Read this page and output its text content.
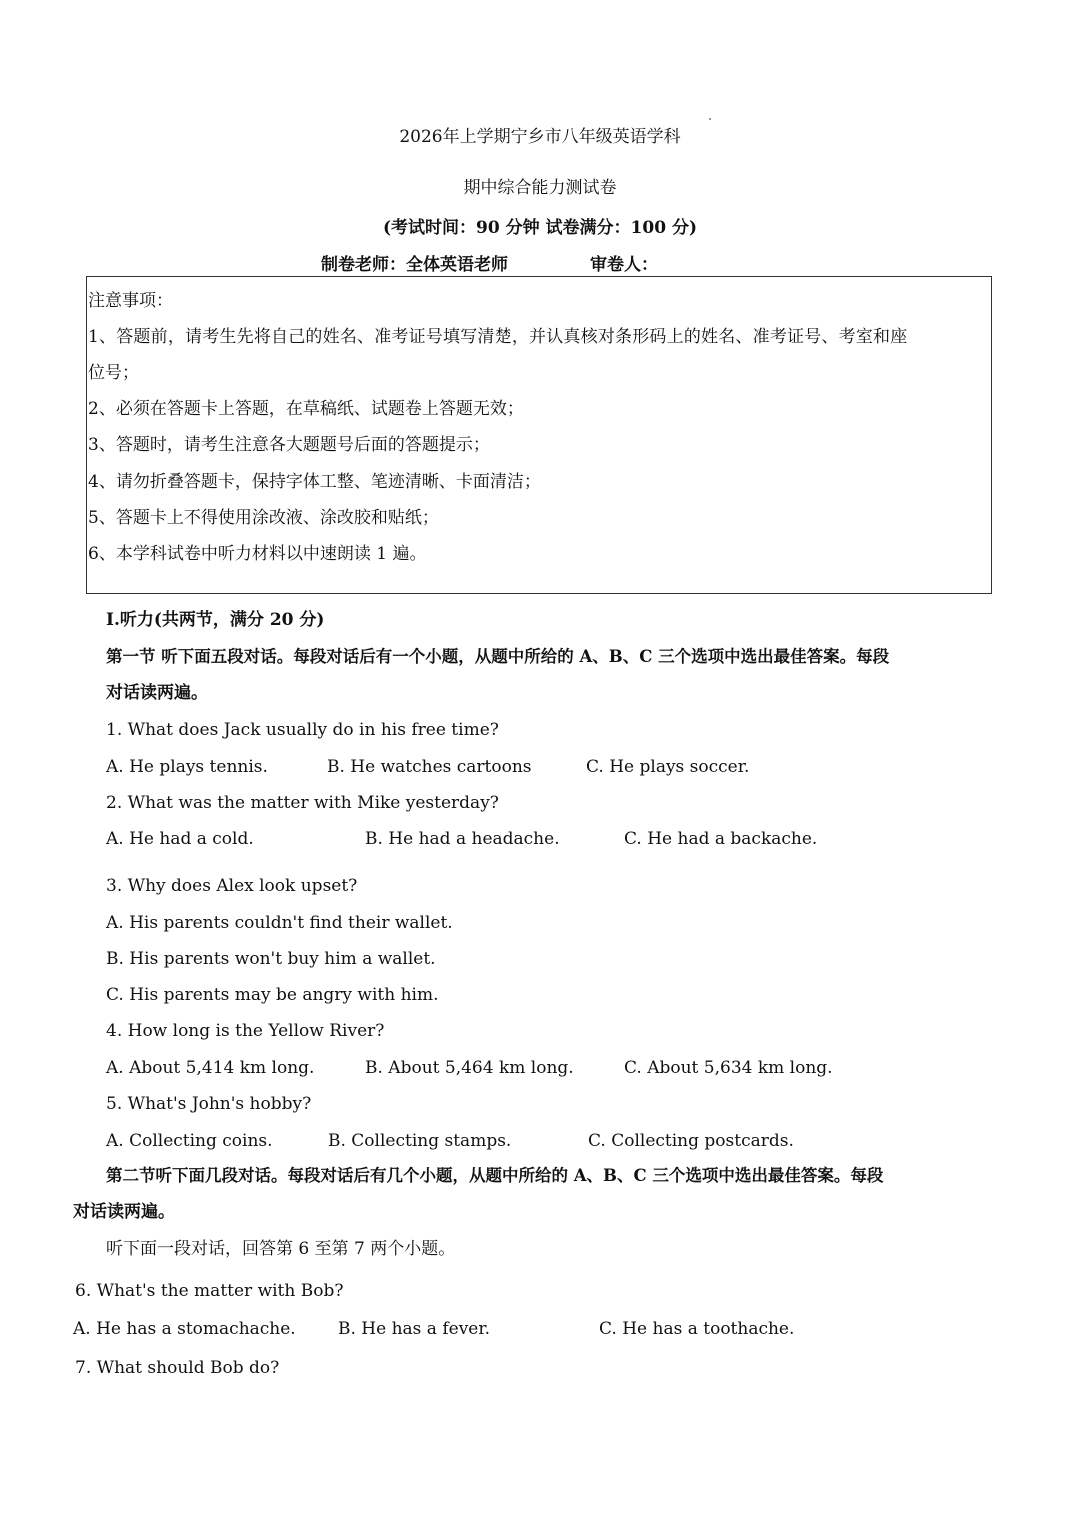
2026年上学期宁乡市八年级英语学科
期中综合能力测试卷
(考试时间：90 分钟 试卷满分：100 分)
制卷老师：全体英语老师	审卷人：
注意事项：
1、答题前，请考生先将自己的姓名、准考证号填写清楚，并认真核对条形码上的姓名、准考证号、考室和座
位号；
2、必须在答题卡上答题，在草稿纸、试题卷上答题无效；
3、答题时，请考生注意各大题题号后面的答题提示；
4、请勿折叠答题卡，保持字体工整、笔迹清晰、卡面清洁；
5、答题卡上不得使用涂改液、涂改胶和贴纸；
6、本学科试卷中听力材料以中速朗读 1 遍。
I.听力(共两节，满分 20 分)
第一节 听下面五段对话。每段对话后有一个小题，从题中所给的 A、B、C 三个选项中选出最佳答案。每段
对话读两遍。
1. What does Jack usually do in his free time?
A. He plays tennis.	B. He watches cartoons	C. He plays soccer.
2. What was the matter with Mike yesterday?
A. He had a cold.	B. He had a headache.	C. He had a backache.
3. Why does Alex look upset?
A. His parents couldn't find their wallet.
B. His parents won't buy him a wallet.
C. His parents may be angry with him.
4. How long is the Yellow River?
A. About 5,414 km long.	B. About 5,464 km long.	C. About 5,634 km long.
5. What's John's hobby?
A. Collecting coins.	B. Collecting stamps.	C. Collecting postcards.
第二节听下面几段对话。每段对话后有几个小题，从题中所给的 A、B、C 三个选项中选出最佳答案。每段
对话读两遍。
听下面一段对话，回答第 6 至第 7 两个小题。
6. What's the matter with Bob?
A. He has a stomachache. B. He has a fever.	C. He has a toothache.
7. What should Bob do?
